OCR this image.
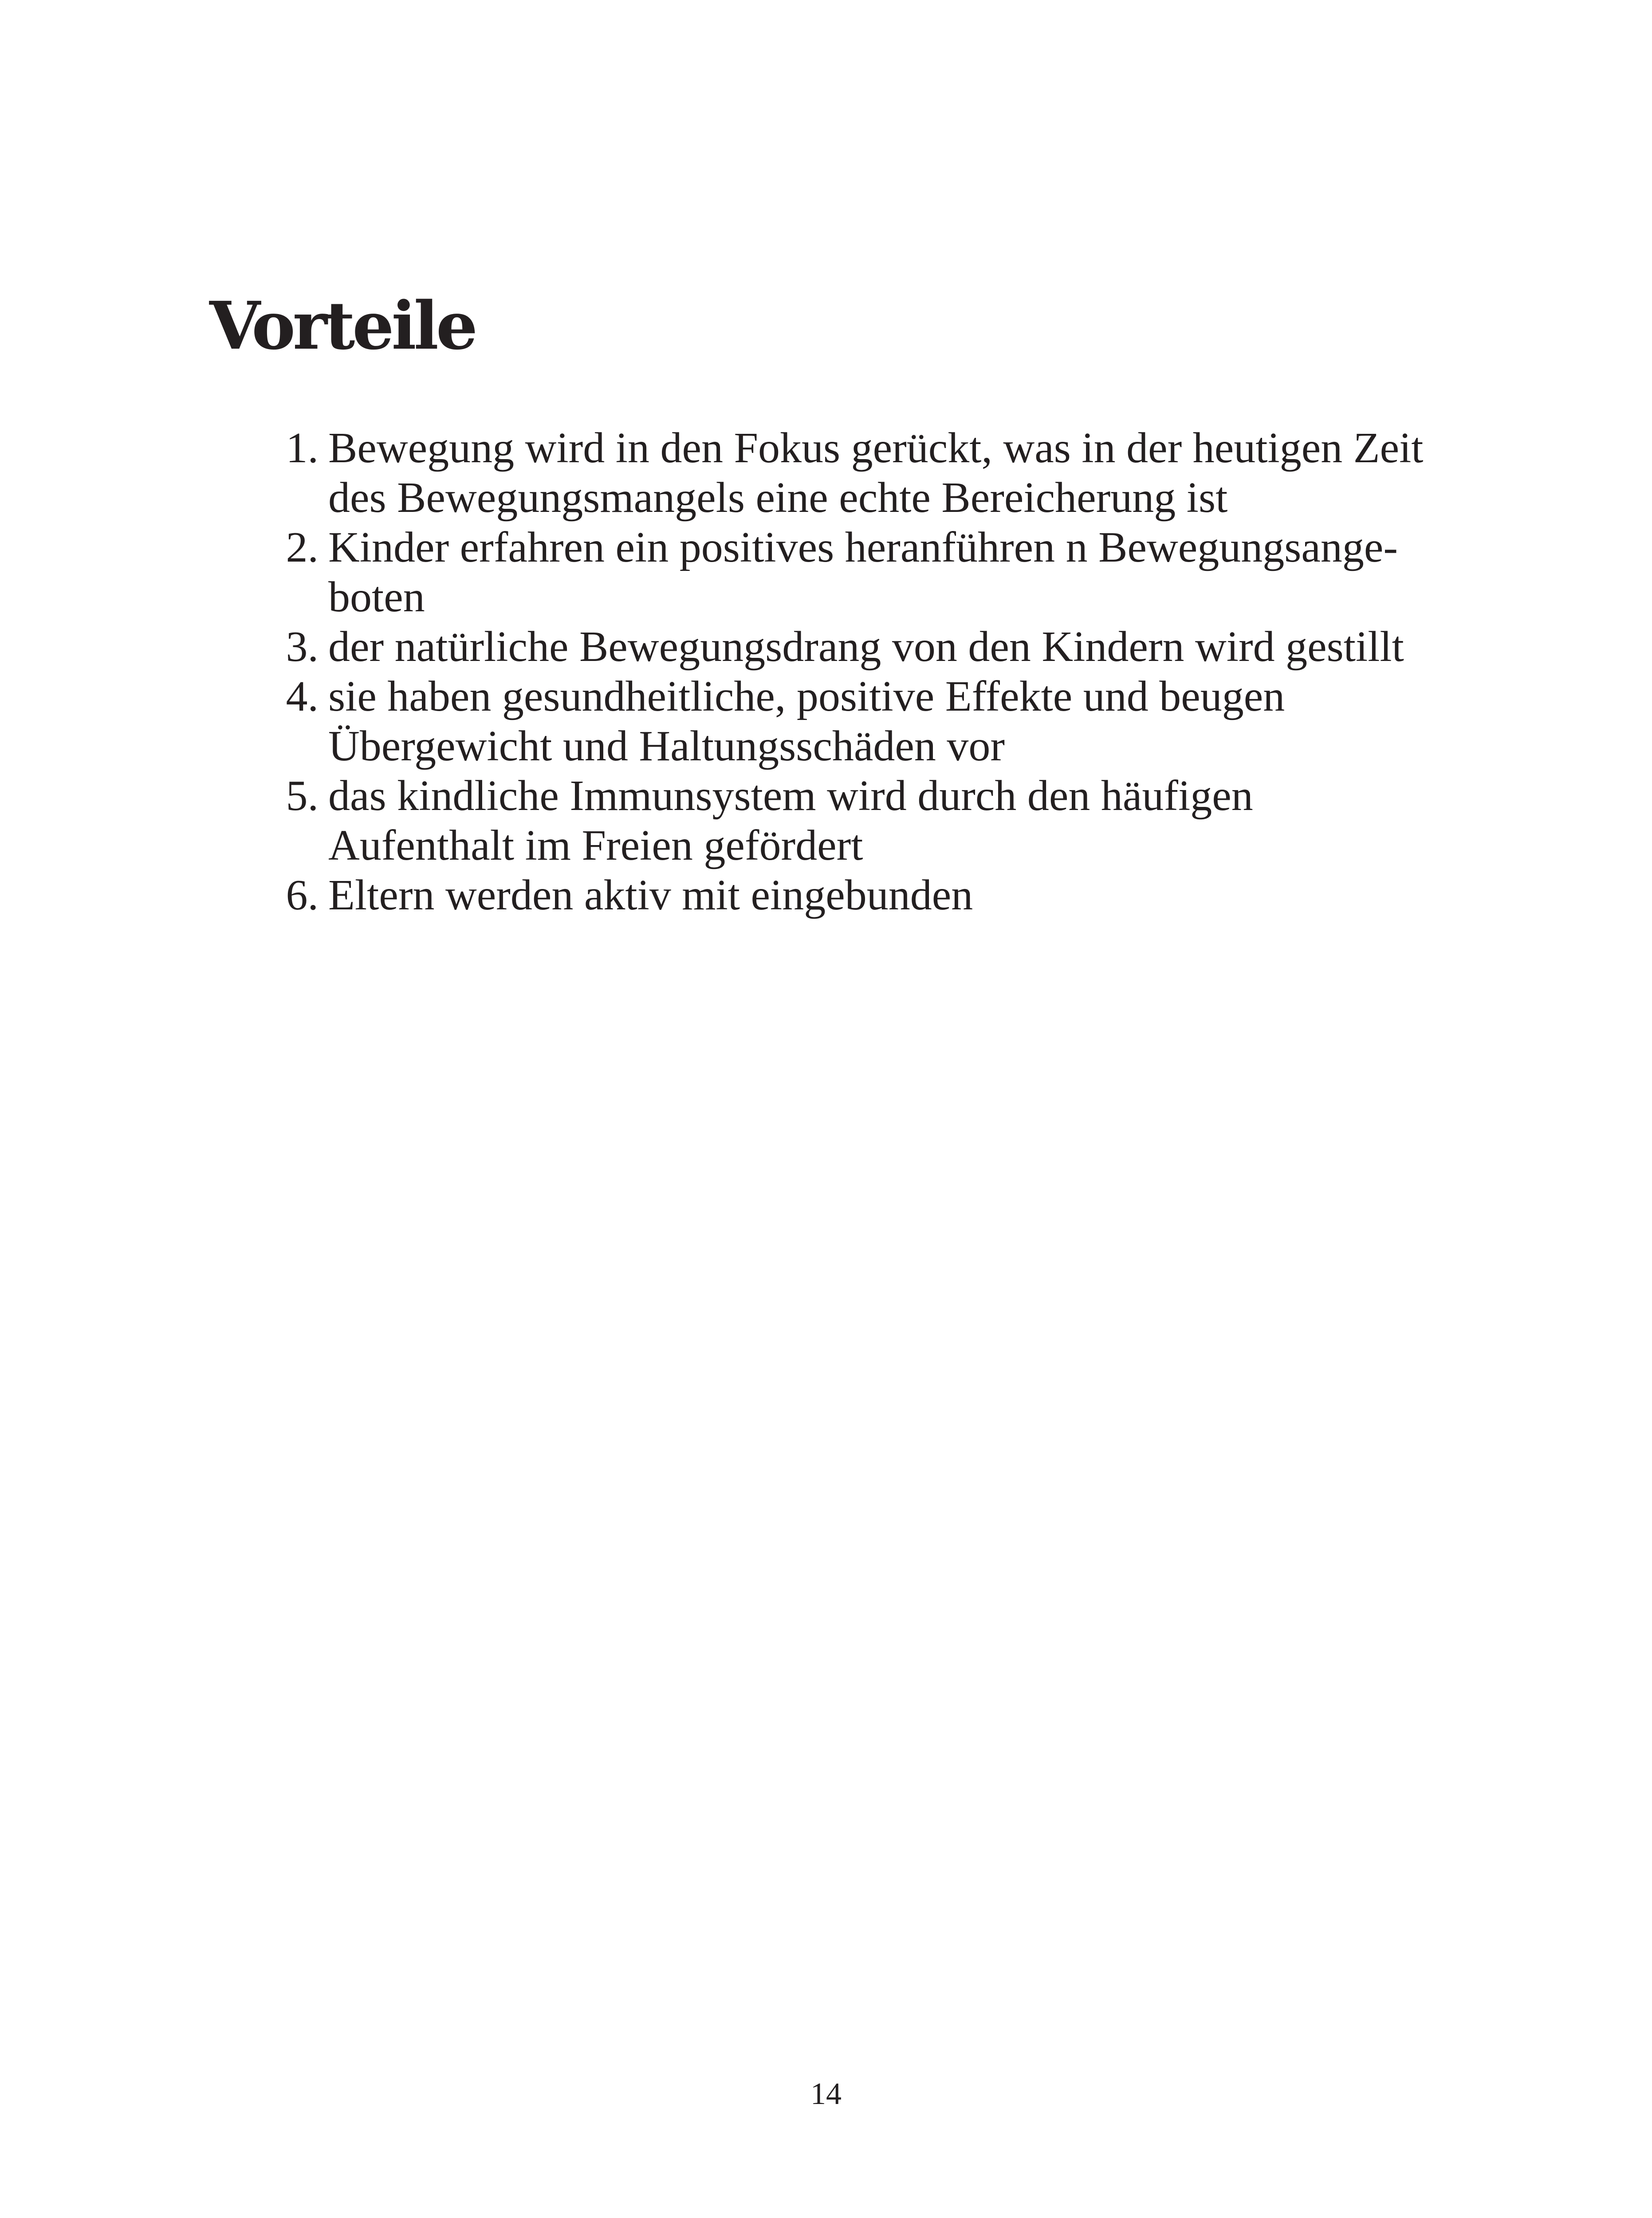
Vorteile
1. Bewegung wird in den Fokus gerückt, was in der heutigen Zeit
des Bewegungsmangels eine echte Bereicherung ist
2. Kinder erfahren ein positives heranführen n Bewegungsange-
boten
3. der natürliche Bewegungsdrang von den Kindern wird gestillt
4. sie haben gesundheitliche, positive Effekte und beugen
Übergewicht und Haltungsschäden vor
5. das kindliche Immunsystem wird durch den häufigen
Aufenthalt im Freien gefördert
6. Eltern werden aktiv mit eingebunden
14
